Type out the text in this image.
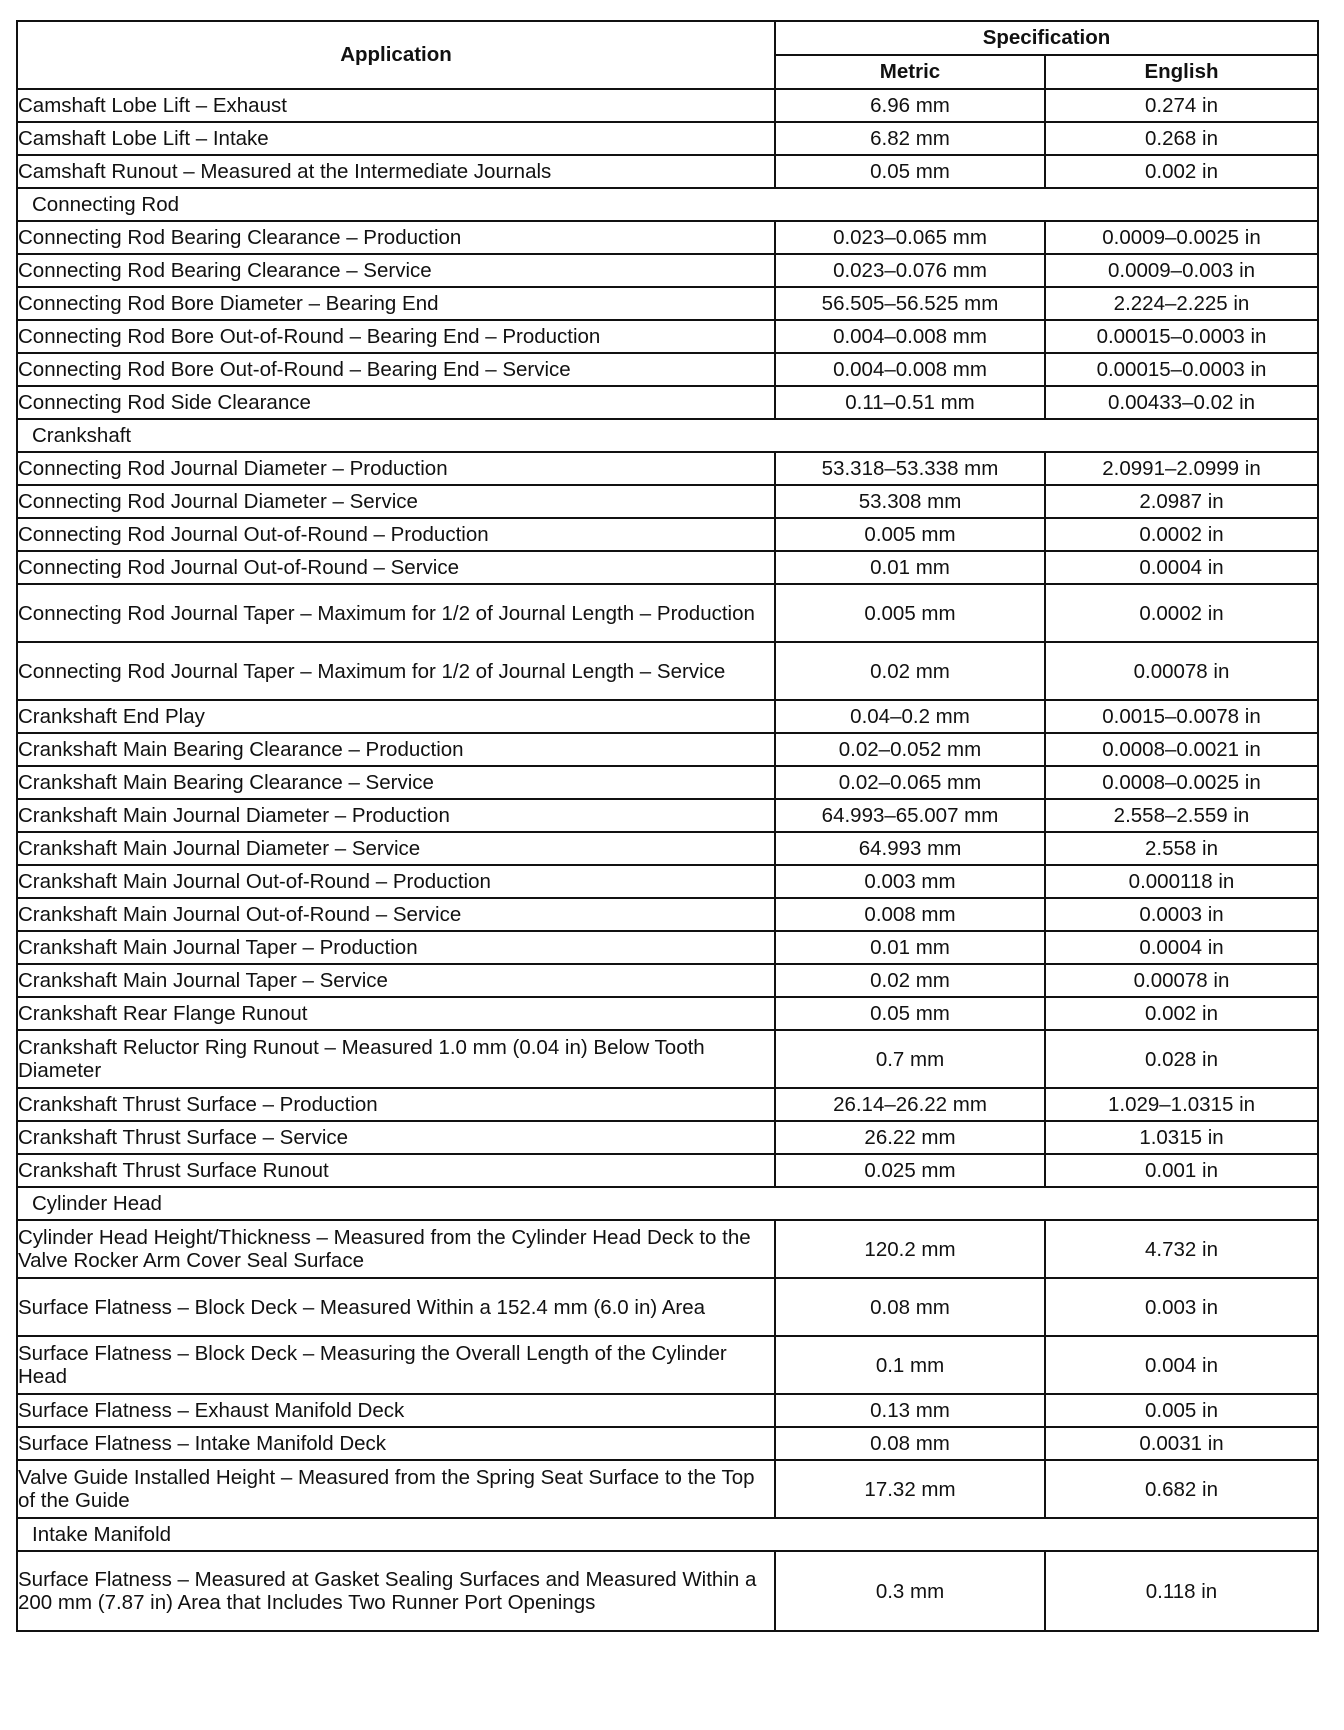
Application	Specification	
	Metric	English
Camshaft Lobe Lift – Exhaust	6.96 mm	0.274 in
Camshaft Lobe Lift – Intake	6.82 mm	0.268 in
Camshaft Runout – Measured at the Intermediate Journals	0.05 mm	0.002 in
Connecting Rod		
Connecting Rod Bearing Clearance – Production	0.023–0.065 mm	0.0009–0.0025 in
Connecting Rod Bearing Clearance – Service	0.023–0.076 mm	0.0009–0.003 in
Connecting Rod Bore Diameter – Bearing End	56.505–56.525 mm	2.224–2.225 in
Connecting Rod Bore Out-of-Round – Bearing End – Production	0.004–0.008 mm	0.00015–0.0003 in
Connecting Rod Bore Out-of-Round – Bearing End – Service	0.004–0.008 mm	0.00015–0.0003 in
Connecting Rod Side Clearance	0.11–0.51 mm	0.00433–0.02 in
Crankshaft		
Connecting Rod Journal Diameter – Production	53.318–53.338 mm	2.0991–2.0999 in
Connecting Rod Journal Diameter – Service	53.308 mm	2.0987 in
Connecting Rod Journal Out-of-Round – Production	0.005 mm	0.0002 in
Connecting Rod Journal Out-of-Round – Service	0.01 mm	0.0004 in
Connecting Rod Journal Taper – Maximum for 1/2 of Journal Length – Production	0.005 mm	0.0002 in
Connecting Rod Journal Taper – Maximum for 1/2 of Journal Length – Service	0.02 mm	0.00078 in
Crankshaft End Play	0.04–0.2 mm	0.0015–0.0078 in
Crankshaft Main Bearing Clearance – Production	0.02–0.052 mm	0.0008–0.0021 in
Crankshaft Main Bearing Clearance – Service	0.02–0.065 mm	0.0008–0.0025 in
Crankshaft Main Journal Diameter – Production	64.993–65.007 mm	2.558–2.559 in
Crankshaft Main Journal Diameter – Service	64.993 mm	2.558 in
Crankshaft Main Journal Out-of-Round – Production	0.003 mm	0.000118 in
Crankshaft Main Journal Out-of-Round – Service	0.008 mm	0.0003 in
Crankshaft Main Journal Taper – Production	0.01 mm	0.0004 in
Crankshaft Main Journal Taper – Service	0.02 mm	0.00078 in
Crankshaft Rear Flange Runout	0.05 mm	0.002 in
Crankshaft Reluctor Ring Runout – Measured 1.0 mm (0.04 in) Below Tooth Diameter	0.7 mm	0.028 in
Crankshaft Thrust Surface – Production	26.14–26.22 mm	1.029–1.0315 in
Crankshaft Thrust Surface – Service	26.22 mm	1.0315 in
Crankshaft Thrust Surface Runout	0.025 mm	0.001 in
Cylinder Head		
Cylinder Head Height/Thickness – Measured from the Cylinder Head Deck to the Valve Rocker Arm Cover Seal Surface	120.2 mm	4.732 in
Surface Flatness – Block Deck – Measured Within a 152.4 mm (6.0 in) Area	0.08 mm	0.003 in
Surface Flatness – Block Deck – Measuring the Overall Length of the Cylinder Head	0.1 mm	0.004 in
Surface Flatness – Exhaust Manifold Deck	0.13 mm	0.005 in
Surface Flatness – Intake Manifold Deck	0.08 mm	0.0031 in
Valve Guide Installed Height – Measured from the Spring Seat Surface to the Top of the Guide	17.32 mm	0.682 in
Intake Manifold		
Surface Flatness – Measured at Gasket Sealing Surfaces and Measured Within a 200 mm (7.87 in) Area that Includes Two Runner Port Openings	0.3 mm	0.118 in
